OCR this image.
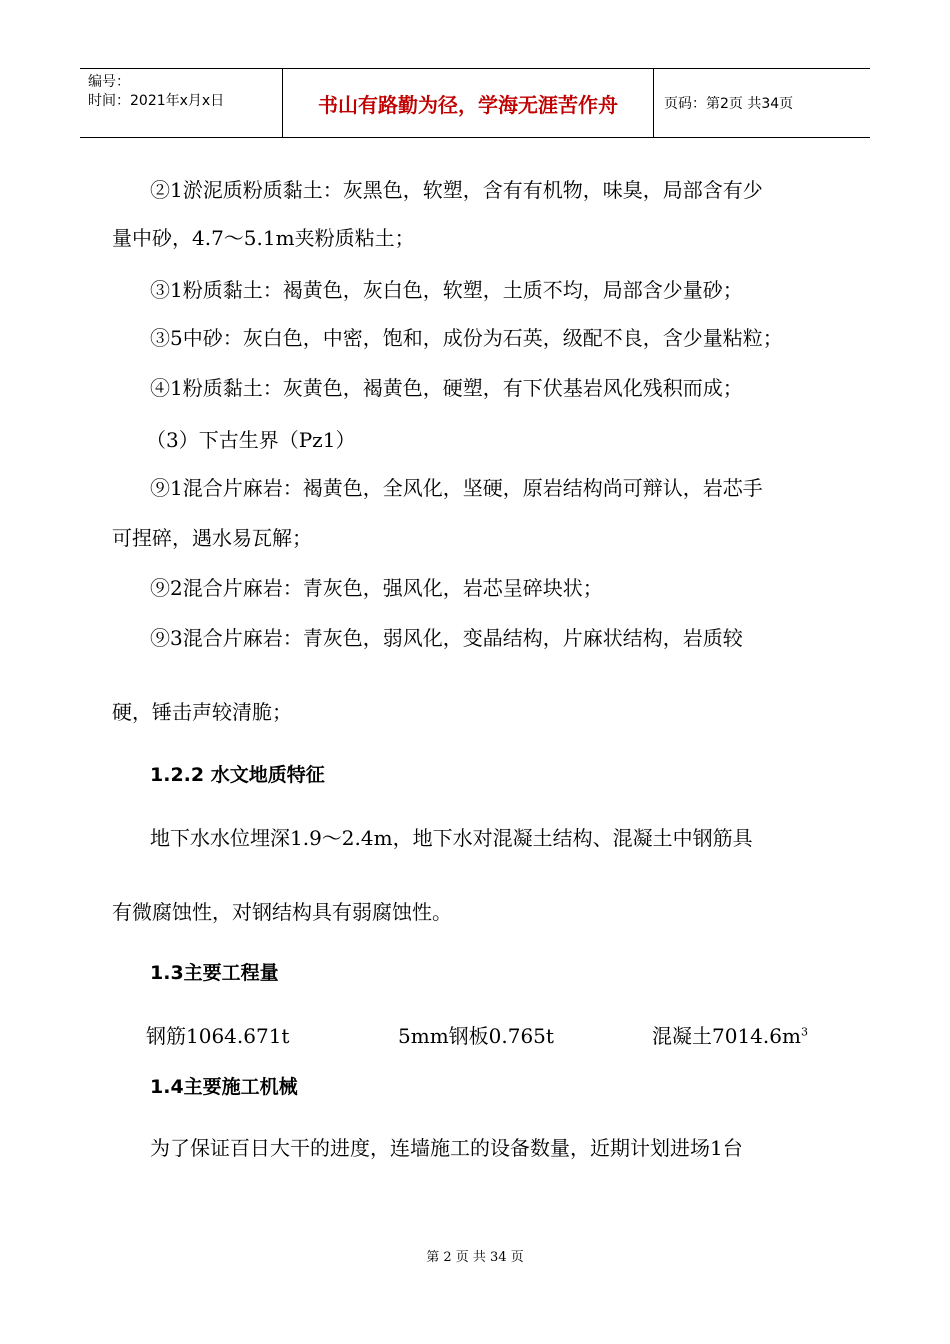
编号：
时间：2021年x月x日	书山有路勤为径，学海无涯苦作舟	页码：第2页 共34页
②1淤泥质粉质黏土：灰黑色，软塑，含有有机物，味臭，局部含有少
量中砂，4.7～5.1m夹粉质粘土；
③1粉质黏土：褐黄色，灰白色，软塑，土质不均，局部含少量砂；
③5中砂：灰白色，中密，饱和，成份为石英，级配不良，含少量粘粒；
④1粉质黏土：灰黄色，褐黄色，硬塑，有下伏基岩风化残积而成；
（3）下古生界（Pz1）
⑨1混合片麻岩：褐黄色，全风化，坚硬，原岩结构尚可辩认，岩芯手
可捏碎，遇水易瓦解；
⑨2混合片麻岩：青灰色，强风化，岩芯呈碎块状；
⑨3混合片麻岩：青灰色，弱风化，变晶结构，片麻状结构，岩质较
硬，锤击声较清脆；
1.2.2 水文地质特征
地下水水位埋深1.9～2.4m，地下水对混凝土结构、混凝土中钢筋具
有微腐蚀性，对钢结构具有弱腐蚀性。
1.3主要工程量
钢筋1064.671t	5mm钢板0.765t	混凝土$7014.6m^3$
1.4主要施工机械
为了保证百日大干的进度，连墙施工的设备数量，近期计划进场1台
第 2 页 共 34 页
